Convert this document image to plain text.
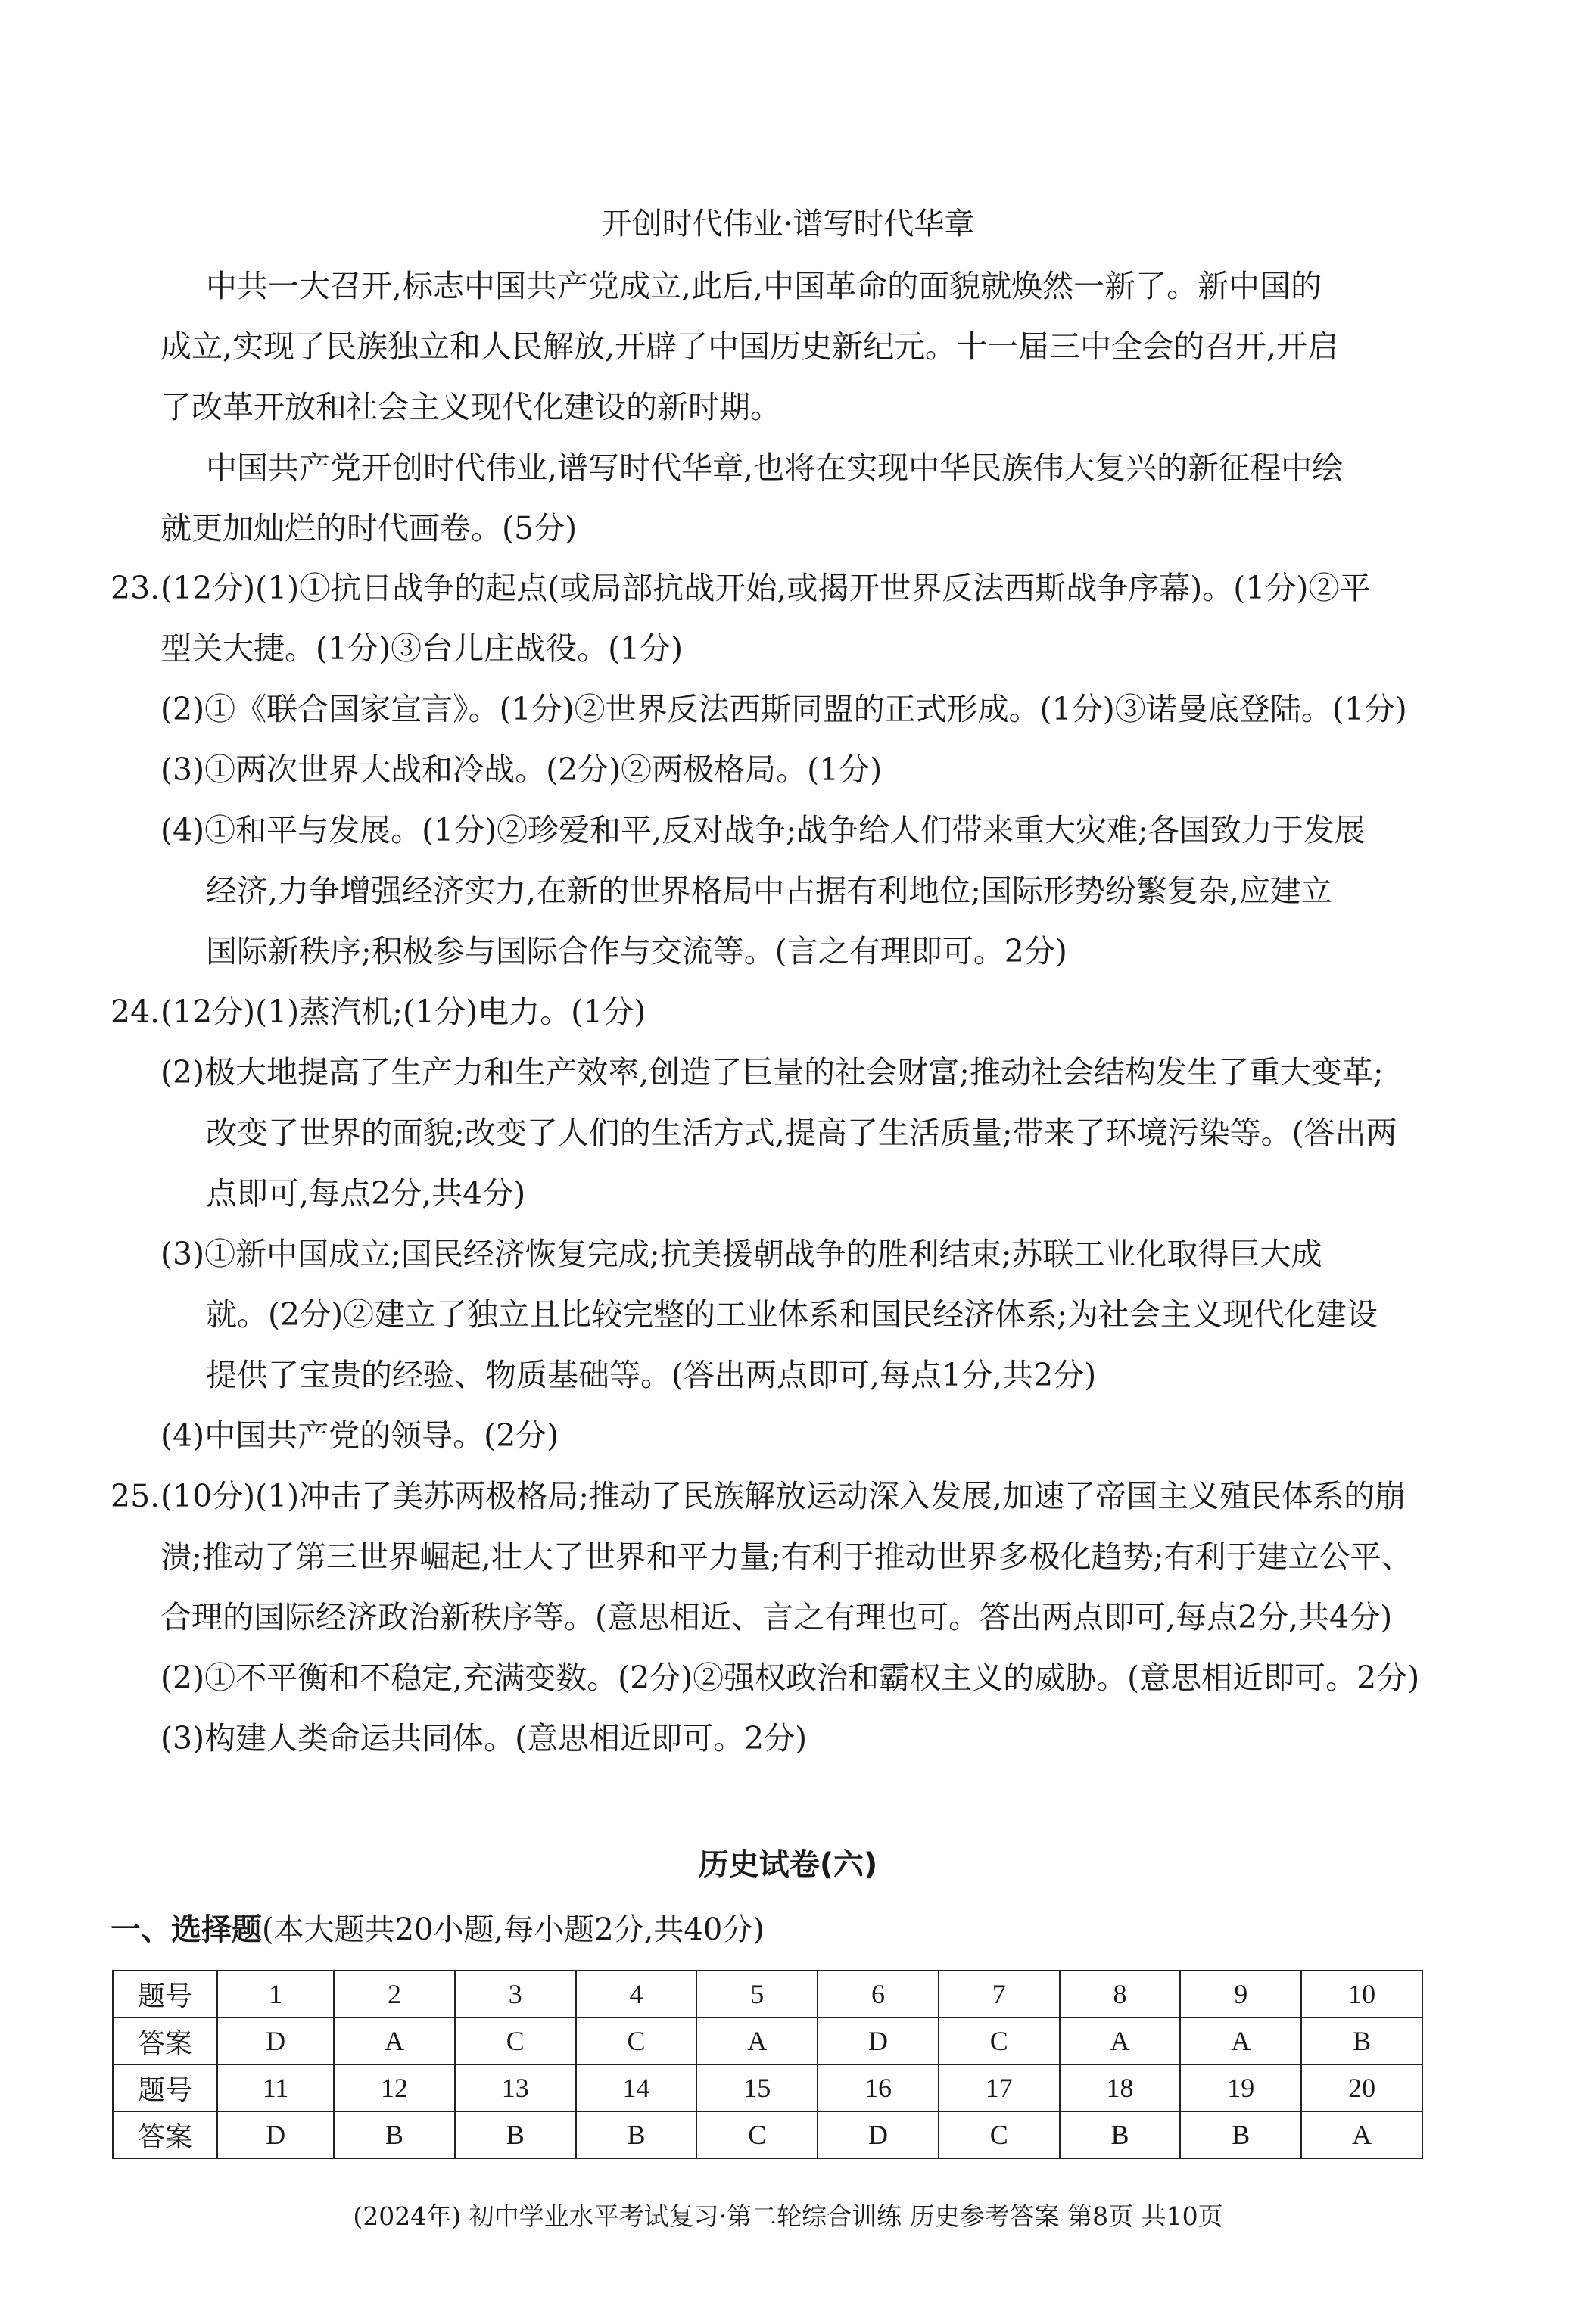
开创时代伟业·谱写时代华章
中共一大召开,标志中国共产党成立,此后,中国革命的面貌就焕然一新了。新中国的
成立,实现了民族独立和人民解放,开辟了中国历史新纪元。十一届三中全会的召开,开启
了改革开放和社会主义现代化建设的新时期。
中国共产党开创时代伟业,谱写时代华章,也将在实现中华民族伟大复兴的新征程中绘
就更加灿烂的时代画卷。(5分)
23. (12分)(1)①抗日战争的起点(或局部抗战开始,或揭开世界反法西斯战争序幕)。(1分)②平
型关大捷。(1分)③台儿庄战役。(1分)
(2)①《联合国家宣言》。(1分)②世界反法西斯同盟的正式形成。(1分)③诺曼底登陆。(1分)
(3)①两次世界大战和冷战。(2分)②两极格局。(1分)
(4)①和平与发展。(1分)②珍爱和平,反对战争;战争给人们带来重大灾难;各国致力于发展
经济,力争增强经济实力,在新的世界格局中占据有利地位;国际形势纷繁复杂,应建立
国际新秩序;积极参与国际合作与交流等。(言之有理即可。2分)
24. (12分)(1)蒸汽机;(1分)电力。(1分)
(2)极大地提高了生产力和生产效率,创造了巨量的社会财富;推动社会结构发生了重大变革;
改变了世界的面貌;改变了人们的生活方式,提高了生活质量;带来了环境污染等。(答出两
点即可,每点2分,共4分)
(3)①新中国成立;国民经济恢复完成;抗美援朝战争的胜利结束;苏联工业化取得巨大成
就。(2分)②建立了独立且比较完整的工业体系和国民经济体系;为社会主义现代化建设
提供了宝贵的经验、物质基础等。(答出两点即可,每点1分,共2分)
(4)中国共产党的领导。(2分)
25. (10分)(1)冲击了美苏两极格局;推动了民族解放运动深入发展,加速了帝国主义殖民体系的崩
溃;推动了第三世界崛起,壮大了世界和平力量;有利于推动世界多极化趋势;有利于建立公平、
合理的国际经济政治新秩序等。(意思相近、言之有理也可。答出两点即可,每点2分,共4分)
(2)①不平衡和不稳定,充满变数。(2分)②强权政治和霸权主义的威胁。(意思相近即可。2分)
(3)构建人类命运共同体。(意思相近即可。2分)
历史试卷(六)
一、选择题(本大题共20小题,每小题2分,共40分)
题号	1	2	3	4	5	6	7	8	9	10
答案	D	A	C	C	A	D	C	A	A	B
题号	11	12	13	14	15	16	17	18	19	20
答案	D	B	B	B	C	D	C	B	B	A
(2024年) 初中学业水平考试复习·第二轮综合训练 历史参考答案 第8页 共10页
